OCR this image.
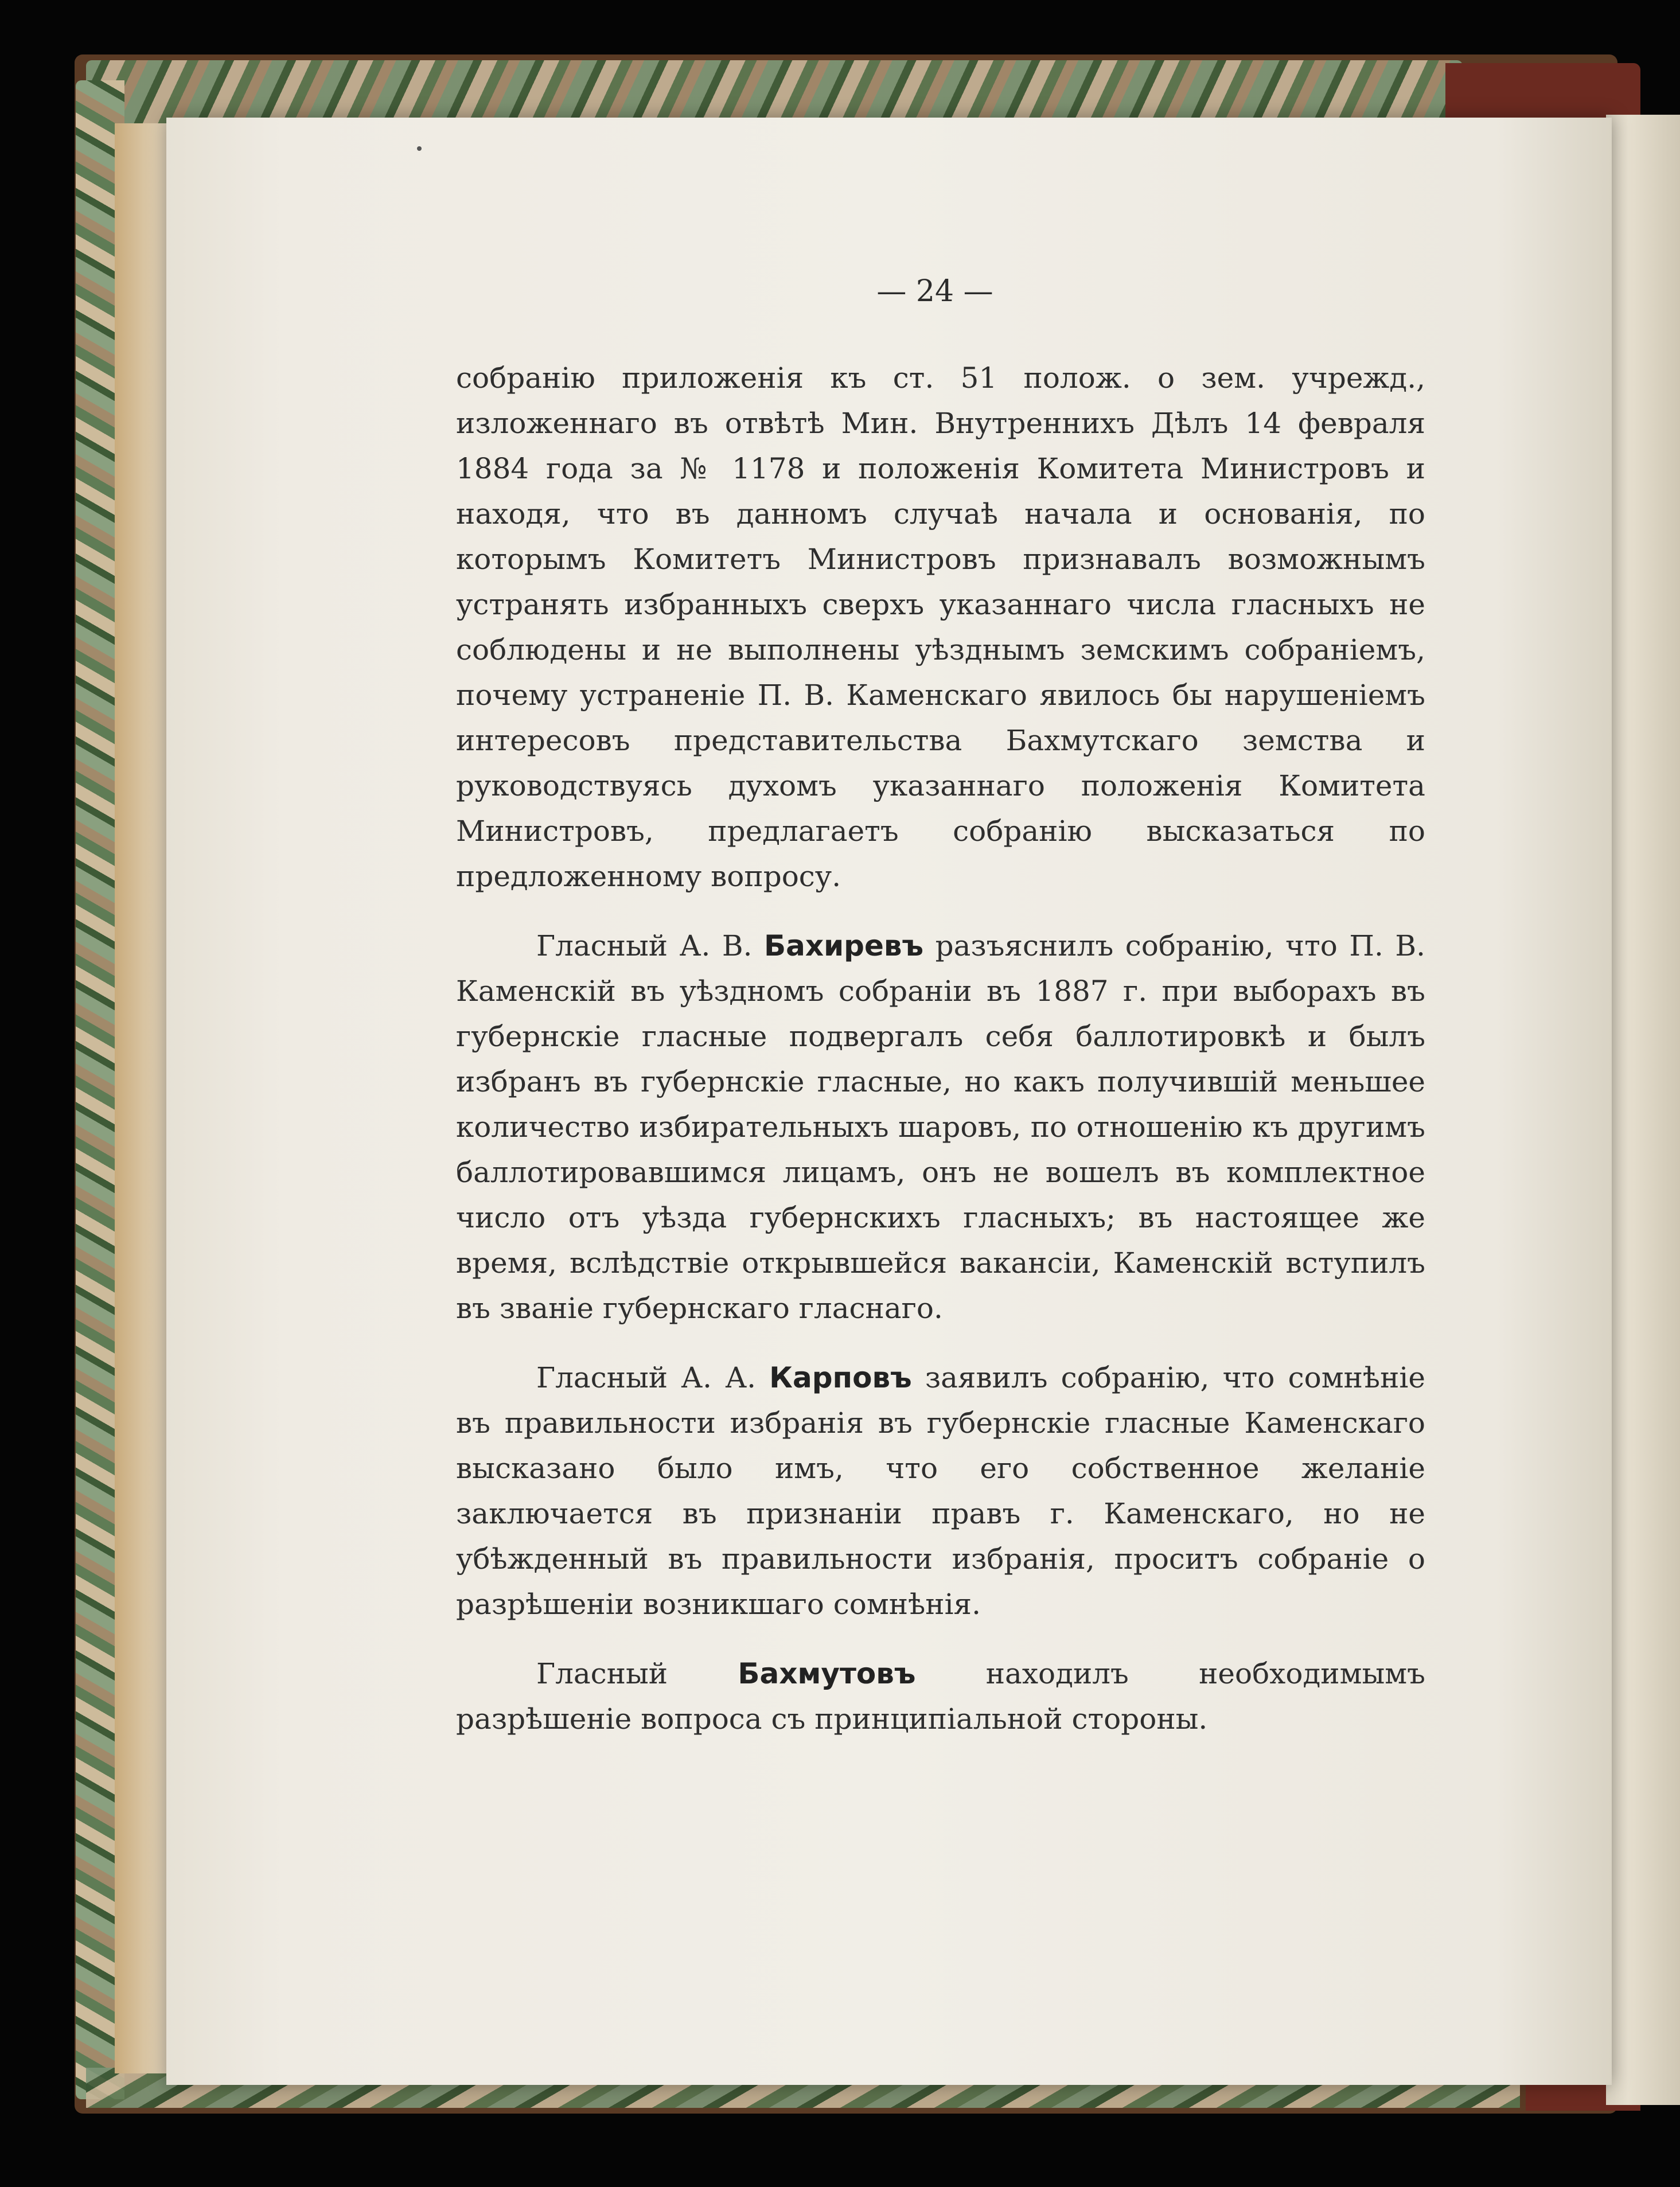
— 24 —

собранію приложенія къ ст. 51 полож. о зем. учрежд., изложеннаго въ отвѣтѣ Мин. Внутреннихъ Дѣлъ 14 февраля 1884 года за № 1178 и положенія Комитета Министровъ и находя, что въ данномъ случаѣ начала и основанія, по которымъ Комитетъ Министровъ признавалъ возможнымъ устранять избранныхъ сверхъ указаннаго числа гласныхъ не соблюдены и не выполнены уѣзднымъ земскимъ собраніемъ, почему устраненіе П. В. Каменскаго явилось бы нарушеніемъ интересовъ представительства Бахмутскаго земства и руководствуясь духомъ указаннаго положенія Комитета Министровъ, предлагаетъ собранію высказаться по предложенному вопросу.

Гласный А. В. Бахиревъ разъяснилъ собранію, что П. В. Каменскій въ уѣздномъ собраніи въ 1887 г. при выборахъ въ губернскіе гласные подвергалъ себя баллотировкѣ и былъ избранъ въ губернскіе гласные, но какъ получившій меньшее количество избирательныхъ шаровъ, по отношенію къ другимъ баллотировавшимся лицамъ, онъ не вошелъ въ комплектное число отъ уѣзда губернскихъ гласныхъ; въ настоящее же время, вслѣдствіе открывшейся вакансіи, Каменскій вступилъ въ званіе губернскаго гласнаго.

Гласный А. А. Карповъ заявилъ собранію, что сомнѣніе въ правильности избранія въ губернскіе гласные Каменскаго высказано было имъ, что его собственное желаніе заключается въ признаніи правъ г. Каменскаго, но не убѣжденный въ правильности избранія, проситъ собраніе о разрѣшеніи возникшаго сомнѣнія.

Гласный Бахмутовъ находилъ необходимымъ разрѣшеніе вопроса съ принципіальной стороны.
